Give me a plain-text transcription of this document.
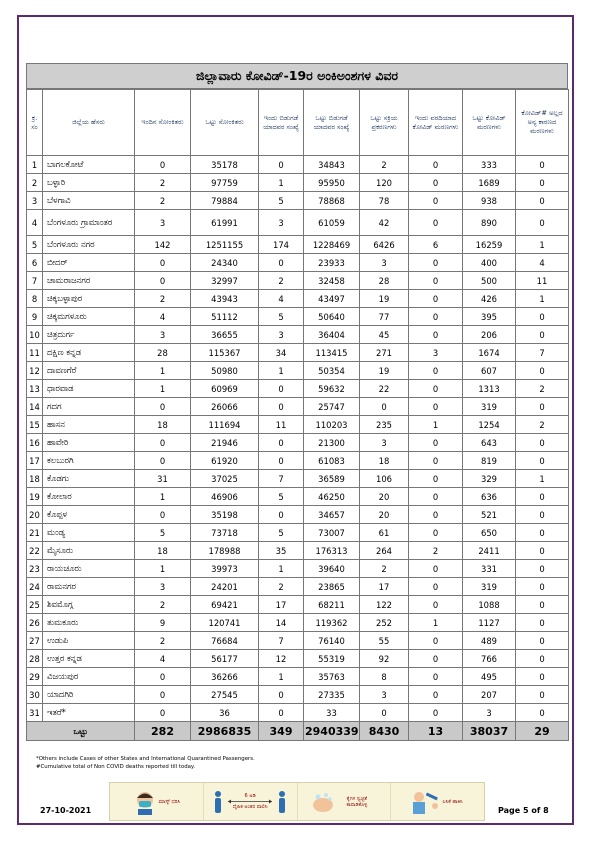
ಜಿಲ್ಲಾವಾರು ಕೋವಿಡ್-19ರ ಅಂಕಿಅಂಶಗಳ ವಿವರ
ಕ್ರ. ಸಂ	ಜಿಲ್ಲೆಯ ಹೆಸರು	ಇಂದಿನ ಸೋಂಕಿತರು	ಒಟ್ಟು ಸೋಂಕಿತರು	ಇಂದು ಬಿಡುಗಡೆ ಯಾದವರ ಸಂಖ್ಯೆ	ಒಟ್ಟು ಬಿಡುಗಡೆ ಯಾದವರ ಸಂಖ್ಯೆ	ಒಟ್ಟು ಸಕ್ರಿಯ ಪ್ರಕರಣಗಳು	ಇಂದು ವರದಿಯಾದ ಕೋವಿಡ್ ಮರಣಗಳು	ಒಟ್ಟು ಕೋವಿಡ್ ಮರಣಗಳು	ಕೋವಿಡ್# ಅಲ್ಲದ ಅನ್ಯ ಕಾರಣದ ಮರಣಗಳು
1	ಬಾಗಲಕೋಟೆ	0	35178	0	34843	2	0	333	0
2	ಬಳ್ಳಾರಿ	2	97759	1	95950	120	0	1689	0
3	ಬೆಳಗಾವಿ	2	79884	5	78868	78	0	938	0
4	ಬೆಂಗಳೂರು ಗ್ರಾಮಾಂತರ	3	61991	3	61059	42	0	890	0
5	ಬೆಂಗಳೂರು ನಗರ	142	1251155	174	1228469	6426	6	16259	1
6	ಬೀದರ್	0	24340	0	23933	3	0	400	4
7	ಚಾಮರಾಜನಗರ	0	32997	2	32458	28	0	500	11
8	ಚಿಕ್ಕಬಳ್ಳಾಪುರ	2	43943	4	43497	19	0	426	1
9	ಚಿಕ್ಕಮಗಳೂರು	4	51112	5	50640	77	0	395	0
10	ಚಿತ್ರದುರ್ಗ	3	36655	3	36404	45	0	206	0
11	ದಕ್ಷಿಣ ಕನ್ನಡ	28	115367	34	113415	271	3	1674	7
12	ದಾವಣಗೆರೆ	1	50980	1	50354	19	0	607	0
13	ಧಾರವಾಡ	1	60969	0	59632	22	0	1313	2
14	ಗದಗ	0	26066	0	25747	0	0	319	0
15	ಹಾಸನ	18	111694	11	110203	235	1	1254	2
16	ಹಾವೇರಿ	0	21946	0	21300	3	0	643	0
17	ಕಲಬುರಗಿ	0	61920	0	61083	18	0	819	0
18	ಕೊಡಗು	31	37025	7	36589	106	0	329	1
19	ಕೋಲಾರ	1	46906	5	46250	20	0	636	0
20	ಕೊಪ್ಪಳ	0	35198	0	34657	20	0	521	0
21	ಮಂಡ್ಯ	5	73718	5	73007	61	0	650	0
22	ಮೈಸೂರು	18	178988	35	176313	264	2	2411	0
23	ರಾಯಚೂರು	1	39973	1	39640	2	0	331	0
24	ರಾಮನಗರ	3	24201	2	23865	17	0	319	0
25	ಶಿವಮೊಗ್ಗ	2	69421	17	68211	122	0	1088	0
26	ತುಮಕೂರು	9	120741	14	119362	252	1	1127	0
27	ಉಡುಪಿ	2	76684	7	76140	55	0	489	0
28	ಉತ್ತರ ಕನ್ನಡ	4	56177	12	55319	92	0	766	0
29	ವಿಜಯಪುರ	0	36266	1	35763	8	0	495	0
30	ಯಾದಗಿರಿ	0	27545	0	27335	3	0	207	0
31	ಇತರೆ*	0	36	0	33	0	0	3	0
ಒಟ್ಟು		282	2986835	349	2940339	8430	13	38037	29
*Others include Cases of other States and International Quarantined Passengers.
#Cumulative total of Non COVID deaths reported till today.
ಮಾಸ್ಕ್ ಧರಿಸಿ
6 ಅಡಿ
ದೈಹಿಕ ಅಂತರ ಪಾಲಿಸಿ
ಕೈಗಳ ಸ್ವಚ್ಛತೆ ಕಾಪಾಡಿಕೊಳ್ಳಿ	ಲಸಿಕೆ ಹಾಕಿಸಿ
27-10-2021	Page 5 of 8
